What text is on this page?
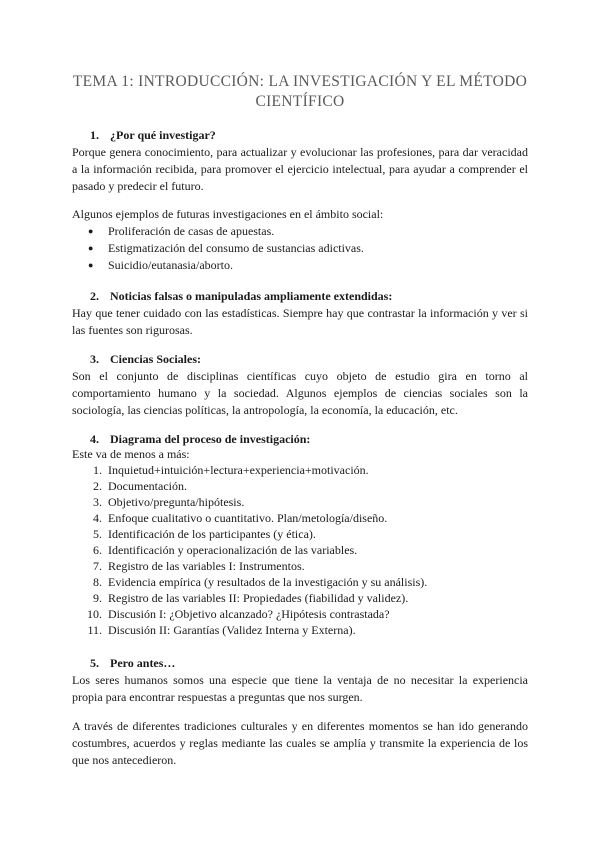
TEMA 1: INTRODUCCIÓN: LA INVESTIGACIÓN Y EL MÉTODO CIENTÍFICO
1. ¿Por qué investigar?

Porque genera conocimiento, para actualizar y evolucionar las profesiones, para dar veracidad a la información recibida, para promover el ejercicio intelectual, para ayudar a comprender el pasado y predecir el futuro.

Algunos ejemplos de futuras investigaciones en el ámbito social:
● Proliferación de casas de apuestas.
● Estigmatización del consumo de sustancias adictivas.
● Suicidio/eutanasia/aborto.
2. Noticias falsas o manipuladas ampliamente extendidas:

Hay que tener cuidado con las estadísticas. Siempre hay que contrastar la información y ver si las fuentes son rigurosas.

3. Ciencias Sociales:

Son el conjunto de disciplinas científicas cuyo objeto de estudio gira en torno al comportamiento humano y la sociedad. Algunos ejemplos de ciencias sociales son la sociología, las ciencias políticas, la antropología, la economía, la educación, etc.

4. Diagrama del proceso de investigación:
Este va de menos a más:
1. Inquietud+intuición+lectura+experiencia+motivación.
2. Documentación.
3. Objetivo/pregunta/hipótesis.
4. Enfoque cualitativo o cuantitativo. Plan/metología/diseño.
5. Identificación de los participantes (y ética).
6. Identificación y operacionalización de las variables.
7. Registro de las variables I: Instrumentos.
8. Evidencia empírica (y resultados de la investigación y su análisis).
9. Registro de las variables II: Propiedades (fiabilidad y validez).
10. Discusión I: ¿Objetivo alcanzado? ¿Hipótesis contrastada?
11. Discusión II: Garantías (Validez Interna y Externa).
5. Pero antes…

Los seres humanos somos una especie que tiene la ventaja de no necesitar la experiencia propia para encontrar respuestas a preguntas que nos surgen.

A través de diferentes tradiciones culturales y en diferentes momentos se han ido generando costumbres, acuerdos y reglas mediante las cuales se amplía y transmite la experiencia de los que nos antecedieron.
